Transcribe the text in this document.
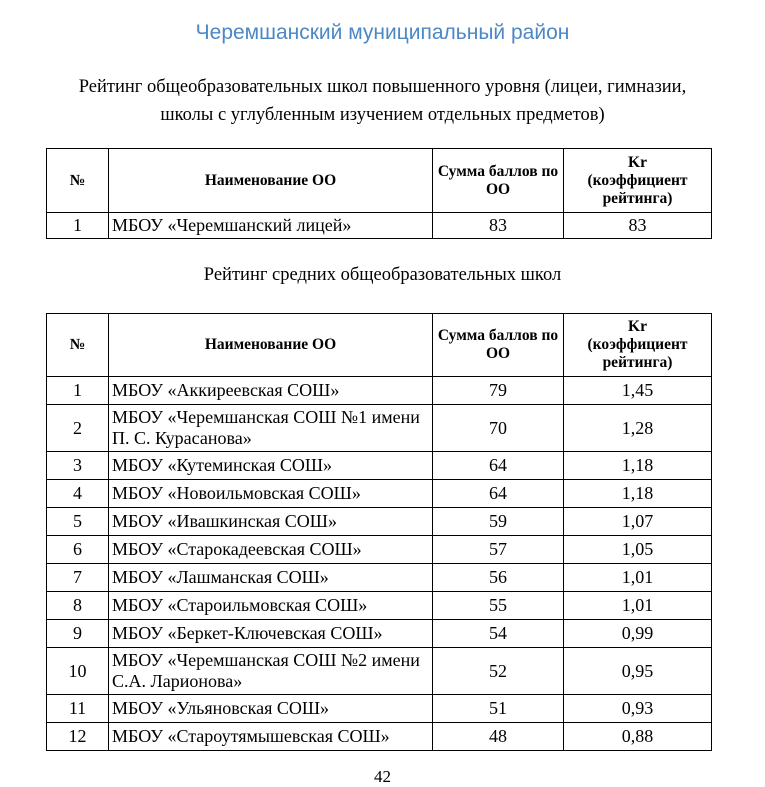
Черемшанский муниципальный район
Рейтинг общеобразовательных школ повышенного уровня (лицеи, гимназии,
школы с углубленным изучением отдельных предметов)
№	Наименование ОО	Сумма баллов по ОО	Kr
(коэффициент рейтинга)
1	МБОУ «Черемшанский лицей»	83	83
Рейтинг средних общеобразовательных школ
№	Наименование ОО	Сумма баллов по ОО	Kr
(коэффициент рейтинга)
1	МБОУ «Аккиреевская СОШ»	79	1,45
2	МБОУ «Черемшанская СОШ №1 имени П. С. Курасанова»	70	1,28
3	МБОУ «Кутеминская СОШ»	64	1,18
4	МБОУ «Новоильмовская СОШ»	64	1,18
5	МБОУ «Ивашкинская СОШ»	59	1,07
6	МБОУ «Старокадеевская СОШ»	57	1,05
7	МБОУ «Лашманская СОШ»	56	1,01
8	МБОУ «Староильмовская СОШ»	55	1,01
9	МБОУ «Беркет-Ключевская СОШ»	54	0,99
10	МБОУ «Черемшанская СОШ №2 имени С.А. Ларионова»	52	0,95
11	МБОУ «Ульяновская СОШ»	51	0,93
12	МБОУ «Староутямышевская СОШ»	48	0,88
42
